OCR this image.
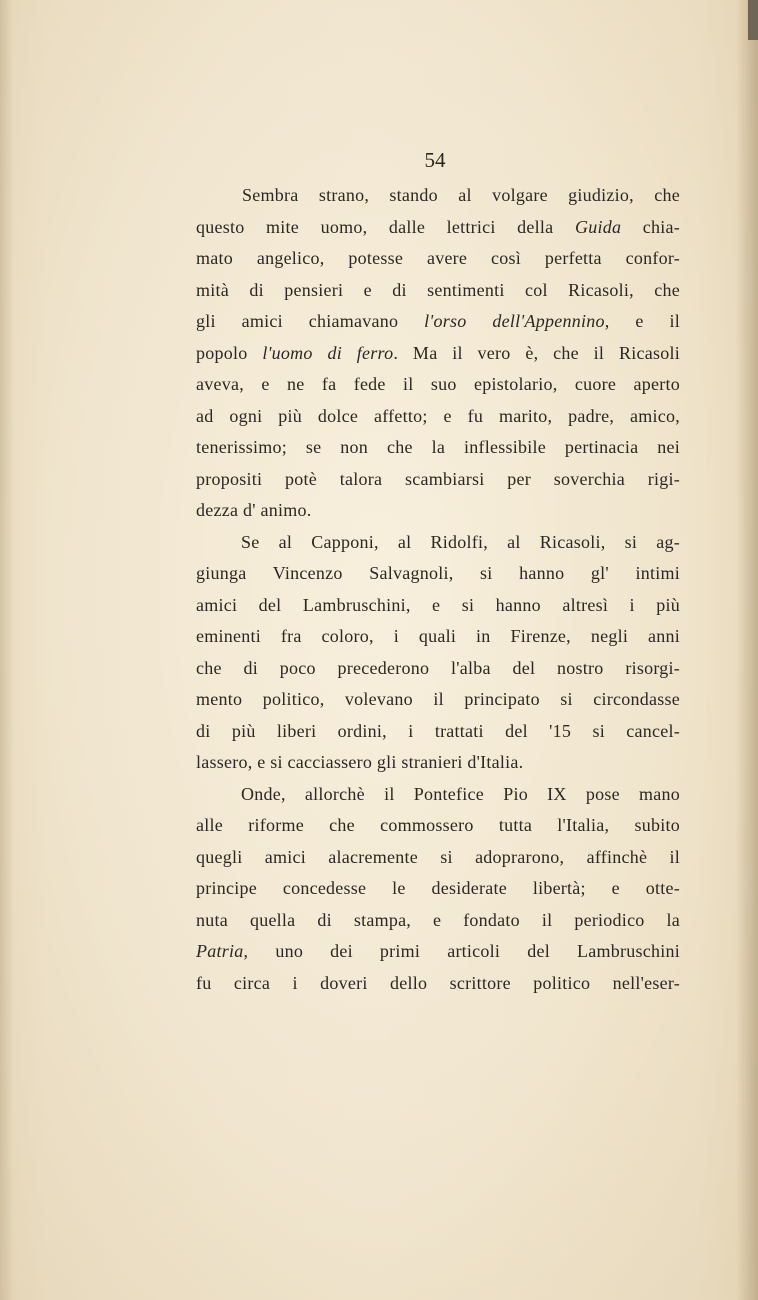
54
Sembra strano, stando al volgare giudizio, che
questo mite uomo, dalle lettrici della Guida chia-
mato angelico, potesse avere così perfetta confor-
mità di pensieri e di sentimenti col Ricasoli, che
gli amici chiamavano l'orso dell'Appennino, e il
popolo l'uomo di ferro. Ma il vero è, che il Ricasoli
aveva, e ne fa fede il suo epistolario, cuore aperto
ad ogni più dolce affetto; e fu marito, padre, amico,
tenerissimo; se non che la inflessibile pertinacia nei
propositi potè talora scambiarsi per soverchia rigi-
dezza d' animo.
Se al Capponi, al Ridolfi, al Ricasoli, si ag-
giunga Vincenzo Salvagnoli, si hanno gl' intimi
amici del Lambruschini, e si hanno altresì i più
eminenti fra coloro, i quali in Firenze, negli anni
che di poco precederono l'alba del nostro risorgi-
mento politico, volevano il principato si circondasse
di più liberi ordini, i trattati del '15 si cancel-
lassero, e si cacciassero gli stranieri d'Italia.
Onde, allorchè il Pontefice Pio IX pose mano
alle riforme che commossero tutta l'Italia, subito
quegli amici alacremente si adoprarono, affinchè il
principe concedesse le desiderate libertà; e otte-
nuta quella di stampa, e fondato il periodico la
Patria, uno dei primi articoli del Lambruschini
fu circa i doveri dello scrittore politico nell'eser-
